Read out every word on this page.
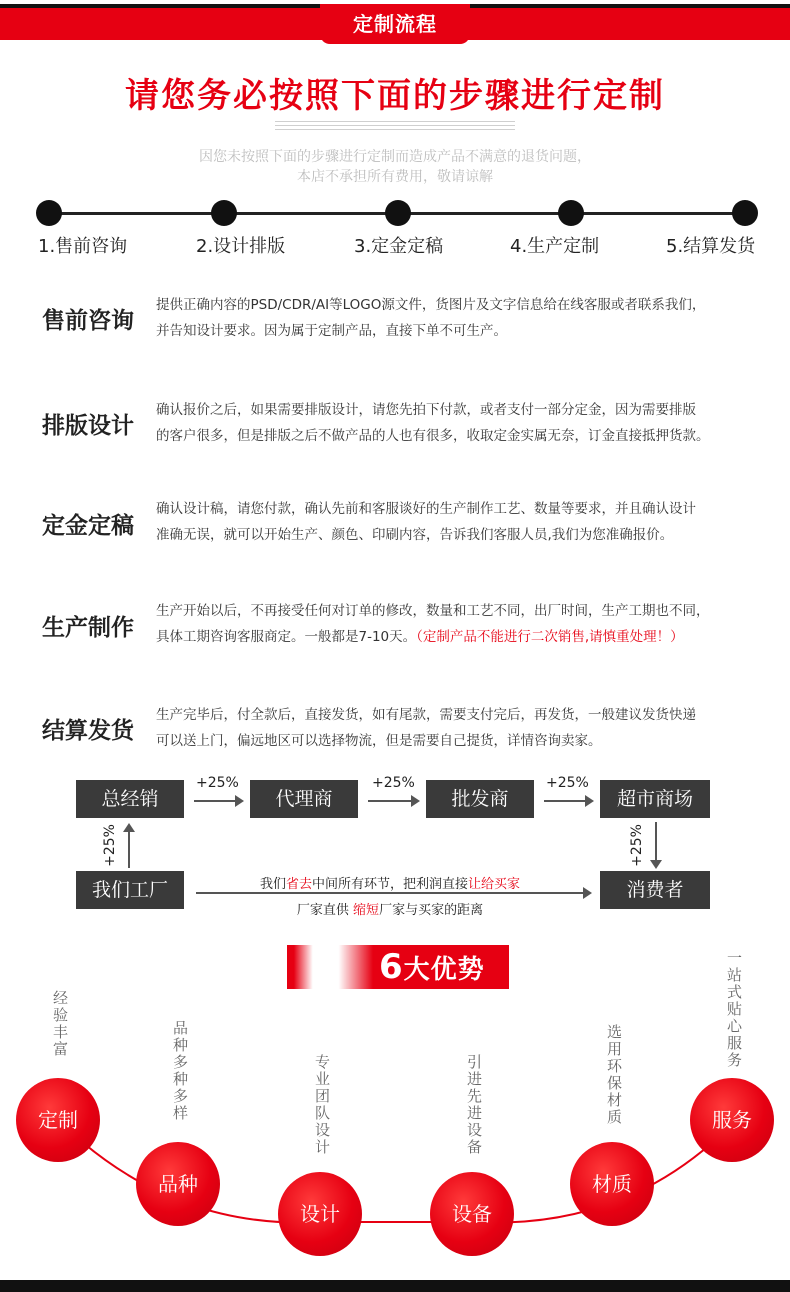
定制流程
请您务必按照下面的步骤进行定制
因您未按照下面的步骤进行定制而造成产品不满意的退货问题，
本店不承担所有费用，敬请谅解
1.售前咨询	2.设计排版	3.定金定稿	4.生产定制	5.结算发货
售前咨询
提供正确内容的PSD/CDR/AI等LOGO源文件，货图片及文字信息给在线客服或者联系我们，
并告知设计要求。因为属于定制产品，直接下单不可生产。
排版设计
确认报价之后，如果需要排版设计，请您先拍下付款，或者支付一部分定金，因为需要排版
的客户很多，但是排版之后不做产品的人也有很多，收取定金实属无奈，订金直接抵押货款。
定金定稿
确认设计稿，请您付款，确认先前和客服谈好的生产制作工艺、数量等要求，并且确认设计
准确无误，就可以开始生产、颜色、印刷内容，告诉我们客服人员,我们为您准确报价。
生产制作
生产开始以后，不再接受任何对订单的修改，数量和工艺不同，出厂时间，生产工期也不同，
具体工期咨询客服商定。一般都是7-10天。（定制产品不能进行二次销售,请慎重处理！）
结算发货
生产完毕后，付全款后，直接发货，如有尾款，需要支付完后，再发货，一般建议发货快递
可以送上门，偏远地区可以选择物流，但是需要自己提货，详情咨询卖家。
总经销	代理商	批发商	超市商场
我们工厂	消费者
+25%	+25%	+25%
+25%	+25%
我们省去中间所有环节，把利润直接让给买家
厂家直供 缩短厂家与买家的距离
6大优势
经验丰富	品种多种多样	专业团队设计	引进先进设备	选用环保材质
一站式贴心服务
定制
品种
设计	设备
材质
服务
